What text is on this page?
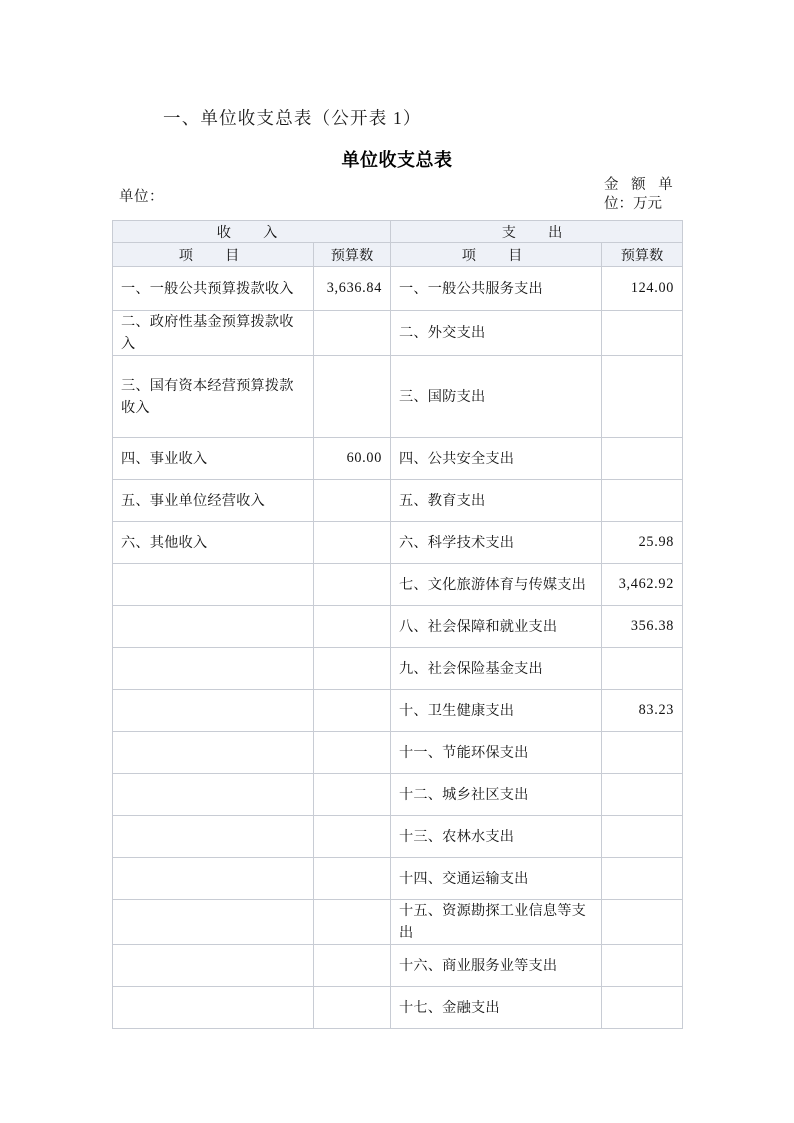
一、单位收支总表（公开表 1）
单位收支总表
单位：
金 额 单
位：万元
收　入		支　出	
项　目	预算数	项　目	预算数
一、一般公共预算拨款收入	3,636.84	一、一般公共服务支出	124.00
二、政府性基金预算拨款收入		二、外交支出	
三、国有资本经营预算拨款收入		三、国防支出	
四、事业收入	60.00	四、公共安全支出	
五、事业单位经营收入		五、教育支出	
六、其他收入		六、科学技术支出	25.98
		七、文化旅游体育与传媒支出	3,462.92
		八、社会保障和就业支出	356.38
		九、社会保险基金支出	
		十、卫生健康支出	83.23
		十一、节能环保支出	
		十二、城乡社区支出	
		十三、农林水支出	
		十四、交通运输支出	
		十五、资源勘探工业信息等支出	
		十六、商业服务业等支出	
		十七、金融支出	
